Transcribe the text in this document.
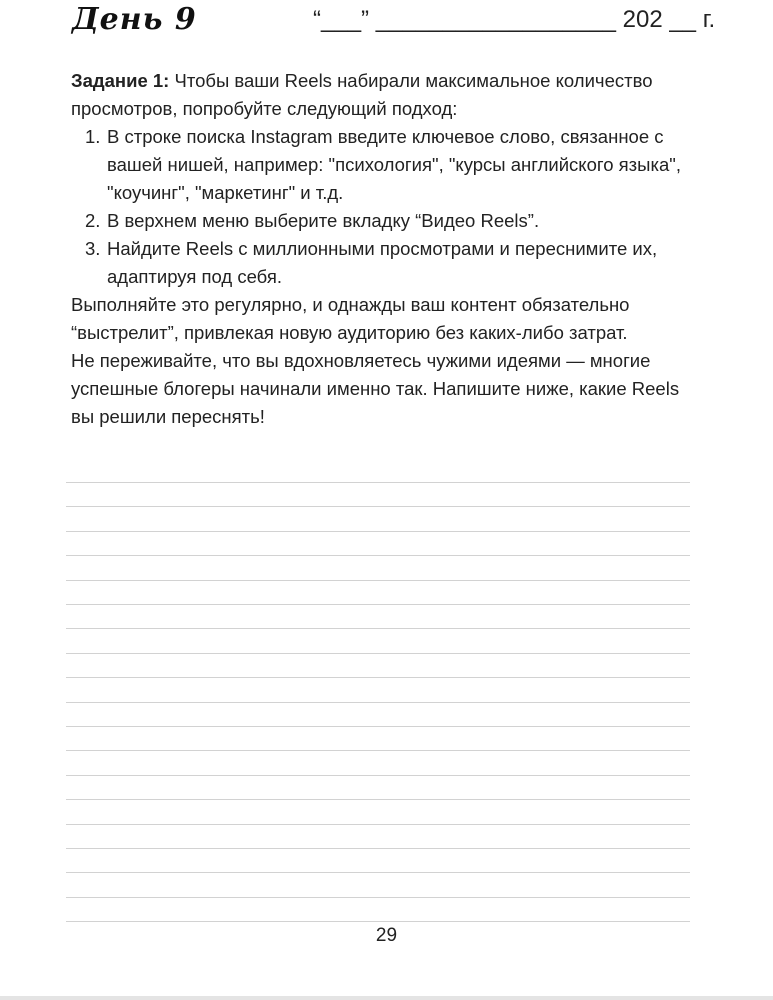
День 9	“___” __________________ 202 __ г.

Задание 1: Чтобы ваши Reels набирали максимальное количество просмотров, попробуйте следующий подход:

1. В строке поиска Instagram введите ключевое слово, связанное с вашей нишей, например: "психология", "курсы английского языка", "коучинг", "маркетинг" и т.д.
2. В верхнем меню выберите вкладку “Видео Reels”.
3. Найдите Reels с миллионными просмотрами и переснимите их, адаптируя под себя.

Выполняйте это регулярно, и однажды ваш контент обязательно “выстрелит”, привлекая новую аудиторию без каких-либо затрат.

Не переживайте, что вы вдохновляетесь чужими идеями — многие успешные блогеры начинали именно так. Напишите ниже, какие Reels вы решили переснять!

29
